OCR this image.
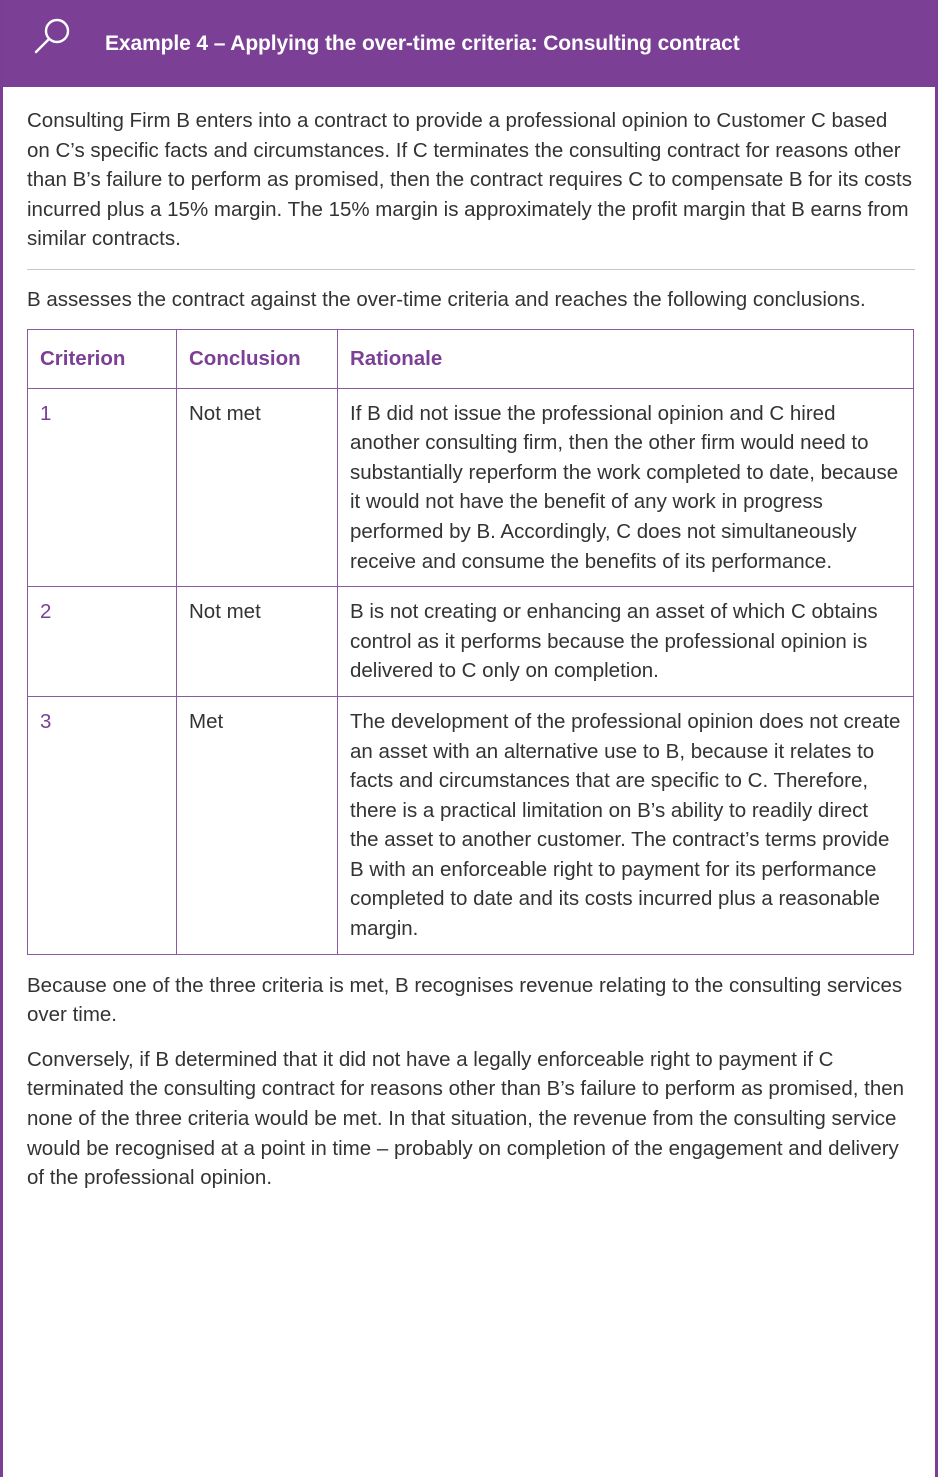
Example 4 – Applying the over-time criteria: Consulting contract

Consulting Firm B enters into a contract to provide a professional opinion to Customer C based on C’s specific facts and circumstances. If C terminates the consulting contract for reasons other than B’s failure to perform as promised, then the contract requires C to compensate B for its costs incurred plus a 15% margin. The 15% margin is approximately the profit margin that B earns from similar contracts.

B assesses the contract against the over-time criteria and reaches the following conclusions.

Criterion	Conclusion	Rationale
1	Not met	If B did not issue the professional opinion and C hired another consulting firm, then the other firm would need to substantially reperform the work completed to date, because it would not have the benefit of any work in progress performed by B. Accordingly, C does not simultaneously receive and consume the benefits of its performance.
2	Not met	B is not creating or enhancing an asset of which C obtains control as it performs because the professional opinion is delivered to C only on completion.
3	Met	The development of the professional opinion does not create an asset with an alternative use to B, because it relates to facts and circumstances that are specific to C. Therefore, there is a practical limitation on B’s ability to readily direct the asset to another customer. The contract’s terms provide B with an enforceable right to payment for its performance completed to date and its costs incurred plus a reasonable margin.

Because one of the three criteria is met, B recognises revenue relating to the consulting services over time.

Conversely, if B determined that it did not have a legally enforceable right to payment if C terminated the consulting contract for reasons other than B’s failure to perform as promised, then none of the three criteria would be met. In that situation, the revenue from the consulting service would be recognised at a point in time – probably on completion of the engagement and delivery of the professional opinion.
